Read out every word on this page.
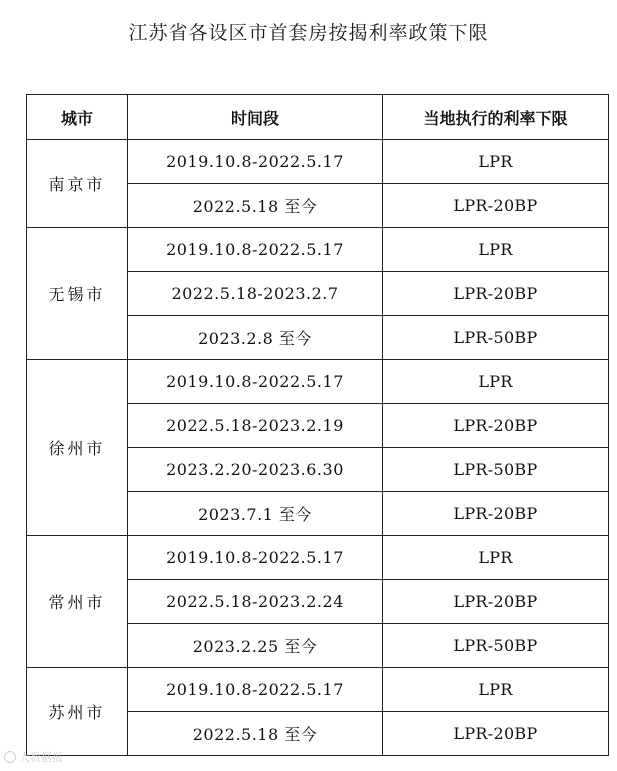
江苏省各设区市首套房按揭利率政策下限
城市	时间段	当地执行的利率下限
南京市	2019.10.8-2022.5.17	LPR
	2022.5.18 至今	LPR-20BP
无锡市	2019.10.8-2022.5.17	LPR
	2022.5.18-2023.2.7	LPR-20BP
	2023.2.8 至今	LPR-50BP
徐州市	2019.10.8-2022.5.17	LPR
	2022.5.18-2023.2.19	LPR-20BP
	2023.2.20-2023.6.30	LPR-50BP
	2023.7.1 至今	LPR-20BP
常州市	2019.10.8-2022.5.17	LPR
	2022.5.18-2023.2.24	LPR-20BP
	2023.2.25 至今	LPR-50BP
苏州市	2019.10.8-2022.5.17	LPR
	2022.5.18 至今	LPR-20BP
大数据报
